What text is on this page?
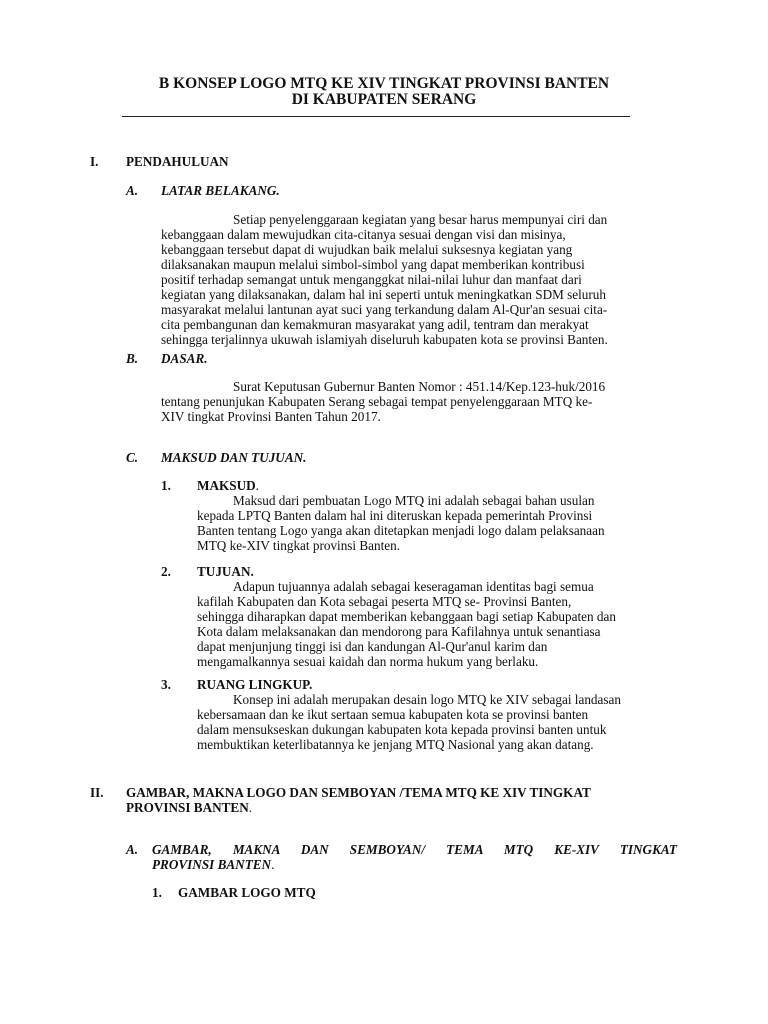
B KONSEP LOGO MTQ KE XIV TINGKAT PROVINSI BANTEN
DI KABUPATEN SERANG
I. PENDAHULUAN
A. LATAR BELAKANG.
Setiap penyelenggaraan kegiatan yang besar harus mempunyai ciri dan
kebanggaan dalam mewujudkan cita-citanya sesuai dengan visi dan misinya,
kebanggaan tersebut dapat di wujudkan baik melalui suksesnya kegiatan yang
dilaksanakan maupun melalui simbol-simbol yang dapat memberikan kontribusi
positif terhadap semangat untuk menganggkat nilai-nilai luhur dan manfaat dari
kegiatan yang dilaksanakan, dalam hal ini seperti untuk meningkatkan SDM seluruh
masyarakat melalui lantunan ayat suci yang terkandung dalam Al-Qur'an sesuai cita-
cita pembangunan dan kemakmuran masyarakat yang adil, tentram dan merakyat
sehingga terjalinnya ukuwah islamiyah diseluruh kabupaten kota se provinsi Banten.
B. DASAR.
Surat Keputusan Gubernur Banten Nomor : 451.14/Kep.123-huk/2016
tentang penunjukan Kabupaten Serang sebagai tempat penyelenggaraan MTQ ke-
XIV tingkat Provinsi Banten Tahun 2017.
C. MAKSUD DAN TUJUAN.
1. MAKSUD.
Maksud dari pembuatan Logo MTQ ini adalah sebagai bahan usulan
kepada LPTQ Banten dalam hal ini diteruskan kepada pemerintah Provinsi
Banten tentang Logo yanga akan ditetapkan menjadi logo dalam pelaksanaan
MTQ ke-XIV tingkat provinsi Banten.
2. TUJUAN.
Adapun tujuannya adalah sebagai keseragaman identitas bagi semua
kafilah Kabupaten dan Kota sebagai peserta MTQ se- Provinsi Banten,
sehingga diharapkan dapat memberikan kebanggaan bagi setiap Kabupaten dan
Kota dalam melaksanakan dan mendorong para Kafilahnya untuk senantiasa
dapat menjunjung tinggi isi dan kandungan Al-Qur'anul karim dan
mengamalkannya sesuai kaidah dan norma hukum yang berlaku.
3. RUANG LINGKUP.
Konsep ini adalah merupakan desain logo MTQ ke XIV sebagai landasan
kebersamaan dan ke ikut sertaan semua kabupaten kota se provinsi banten
dalam mensukseskan dukungan kabupaten kota kepada provinsi banten untuk
membuktikan keterlibatannya ke jenjang MTQ Nasional yang akan datang.
II. GAMBAR, MAKNA LOGO DAN SEMBOYAN /TEMA MTQ KE XIV TINGKAT
PROVINSI BANTEN.
A. GAMBAR, MAKNA DAN SEMBOYAN/ TEMA MTQ KE-XIV TINGKAT
PROVINSI BANTEN.
1. GAMBAR LOGO MTQ
